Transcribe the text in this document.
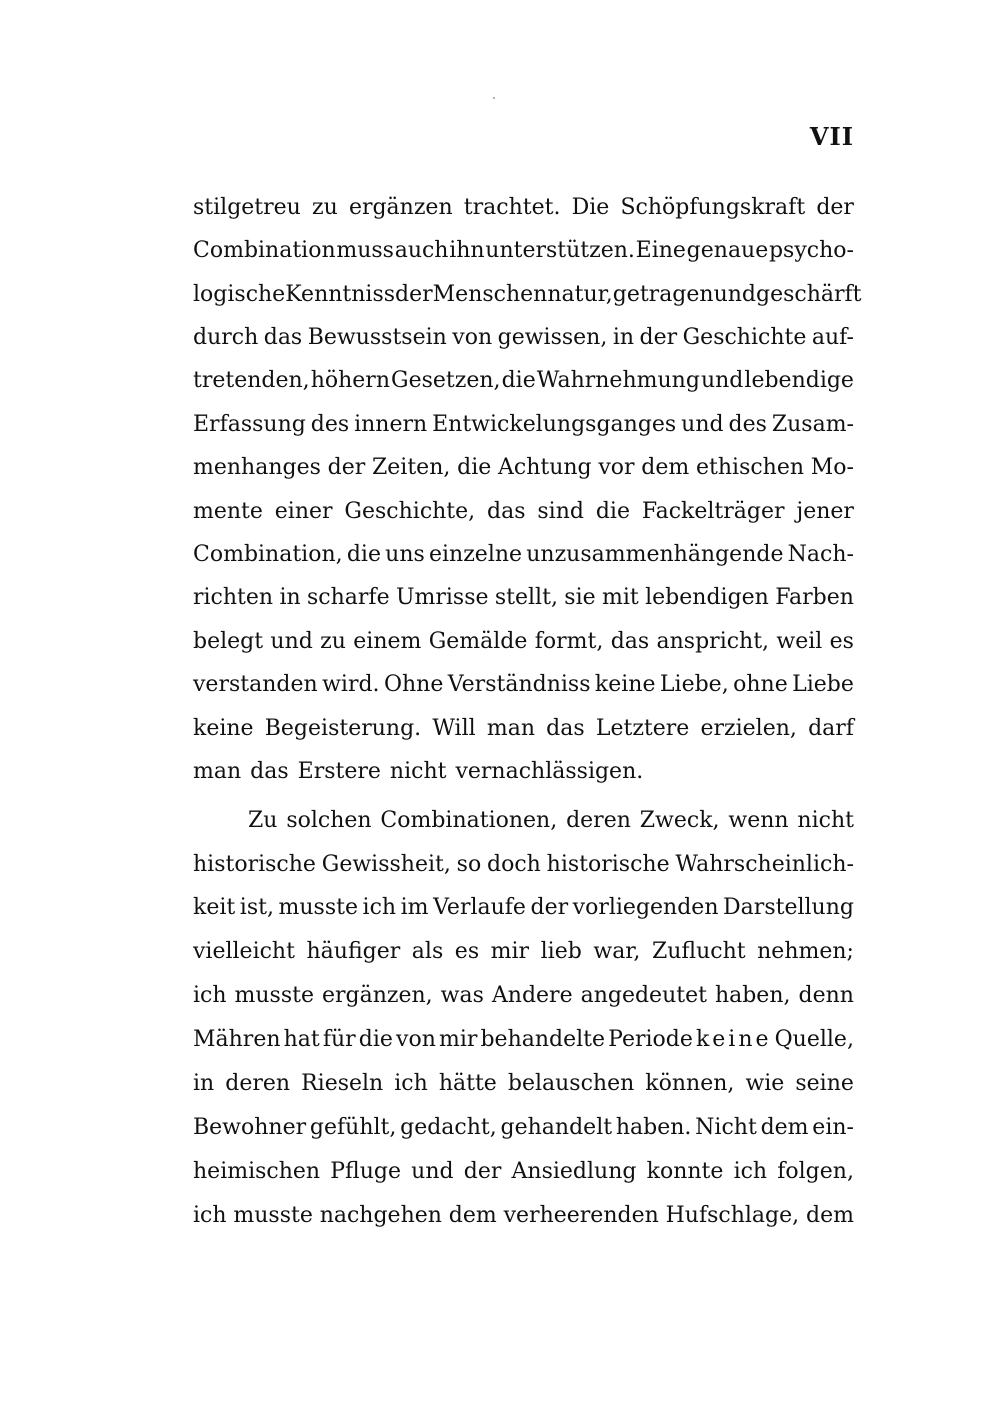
VII
stilgetreu zu ergänzen trachtet. Die Schöpfungskraft der
Combination muss auch ihn unterstützen. Eine genaue psycho-
logische Kenntniss der Menschennatur, getragen und geschärft
durch das Bewusstsein von gewissen, in der Geschichte auf-
tretenden, höhern Gesetzen, die Wahrnehmung und lebendige
Erfassung des innern Entwickelungsganges und des Zusam-
menhanges der Zeiten, die Achtung vor dem ethischen Mo-
mente einer Geschichte, das sind die Fackelträger jener
Combination, die uns einzelne unzusammenhängende Nach-
richten in scharfe Umrisse stellt, sie mit lebendigen Farben
belegt und zu einem Gemälde formt, das anspricht, weil es
verstanden wird. Ohne Verständniss keine Liebe, ohne Liebe
keine Begeisterung. Will man das Letztere erzielen, darf
man das Erstere nicht vernachlässigen.
Zu solchen Combinationen, deren Zweck, wenn nicht
historische Gewissheit, so doch historische Wahrscheinlich-
keit ist, musste ich im Verlaufe der vorliegenden Darstellung
vielleicht häufiger als es mir lieb war, Zuflucht nehmen;
ich musste ergänzen, was Andere angedeutet haben, denn
Mähren hat für die von mir behandelte Periode keine Quelle,
in deren Rieseln ich hätte belauschen können, wie seine
Bewohner gefühlt, gedacht, gehandelt haben. Nicht dem ein-
heimischen Pfluge und der Ansiedlung konnte ich folgen,
ich musste nachgehen dem verheerenden Hufschlage, dem
